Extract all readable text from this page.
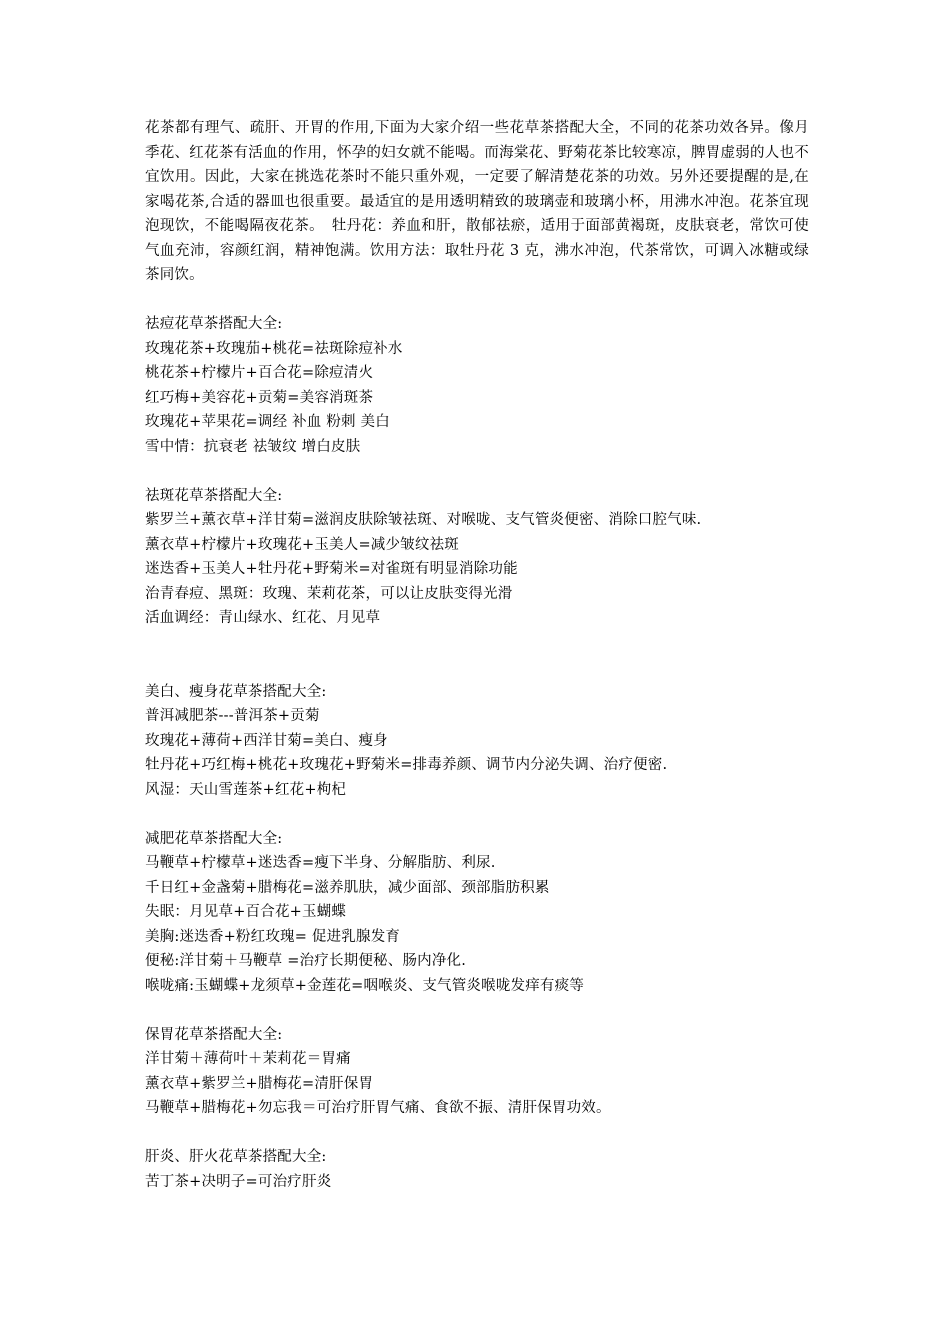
花茶都有理气、疏肝、开胃的作用,下面为大家介绍一些花草茶搭配大全，不同的花茶功效各异。像月季花、红花茶有活血的作用，怀孕的妇女就不能喝。而海棠花、野菊花茶比较寒凉，脾胃虚弱的人也不宜饮用。因此，大家在挑选花茶时不能只重外观，一定要了解清楚花茶的功效。另外还要提醒的是,在家喝花茶,合适的器皿也很重要。最适宜的是用透明精致的玻璃壶和玻璃小杯，用沸水冲泡。花茶宜现泡现饮，不能喝隔夜花茶。　牡丹花：养血和肝，散郁祛瘀，适用于面部黄褐斑，皮肤衰老，常饮可使气血充沛，容颜红润，精神饱满。饮用方法：取牡丹花 3 克，沸水冲泡，代茶常饮，可调入冰糖或绿茶同饮。

祛痘花草茶搭配大全:

玫瑰花茶+玫瑰茄+桃花=祛斑除痘补水

桃花茶+柠檬片+百合花=除痘清火

红巧梅+美容花+贡菊=美容消斑茶

玫瑰花+苹果花=调经 补血 粉刺 美白

雪中情：抗衰老 祛皱纹 增白皮肤

祛斑花草茶搭配大全:

紫罗兰+薰衣草+洋甘菊=滋润皮肤除皱祛斑、对喉咙、支气管炎便密、消除口腔气味.

薰衣草+柠檬片+玫瑰花+玉美人=减少皱纹祛斑

迷迭香+玉美人+牡丹花+野菊米=对雀斑有明显消除功能

治青春痘、黑斑：玫瑰、茉莉花茶，可以让皮肤变得光滑

活血调经：青山绿水、红花、月见草

美白、瘦身花草茶搭配大全:

普洱减肥茶---普洱茶+贡菊

玫瑰花+薄荷+西洋甘菊=美白、瘦身

牡丹花+巧红梅+桃花+玫瑰花+野菊米=排毒养颜、调节内分泌失调、治疗便密.

风湿：天山雪莲茶+红花+枸杞

减肥花草茶搭配大全:

马鞭草+柠檬草+迷迭香=瘦下半身、分解脂肪、利尿.

千日红+金盏菊+腊梅花=滋养肌肤，减少面部、颈部脂肪积累

失眠：月见草+百合花+玉蝴蝶

美胸:迷迭香+粉红玫瑰= 促进乳腺发育

便秘:洋甘菊＋马鞭草 =治疗长期便秘、肠内净化.

喉咙痛:玉蝴蝶+龙须草+金莲花=咽喉炎、支气管炎喉咙发痒有痰等

保胃花草茶搭配大全:

洋甘菊＋薄荷叶＋茉莉花＝胃痛

薰衣草+紫罗兰+腊梅花=清肝保胃

马鞭草+腊梅花+勿忘我＝可治疗肝胃气痛、食欲不振、清肝保胃功效。

肝炎、肝火花草茶搭配大全:

苦丁茶+决明子=可治疗肝炎
